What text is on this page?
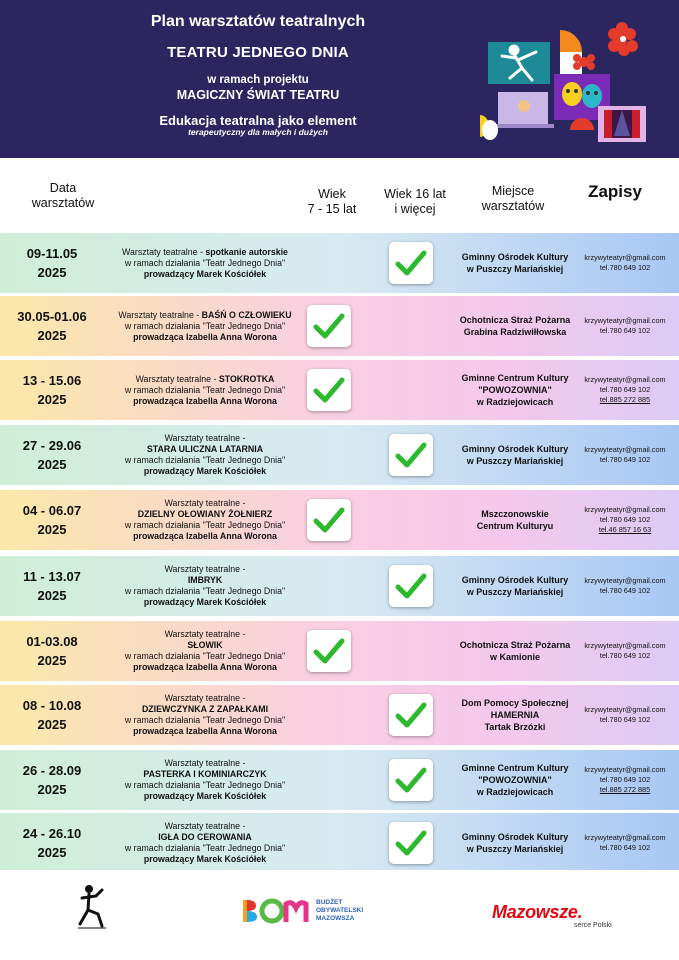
Plan warsztatów teatralnych
TEATRU JEDNEGO DNIA
w ramach projektu
MAGICZNY ŚWIAT TEATRU
Edukacja teatralna jako element
terapeutyczny dla małych i dużych
Data
warsztatów
Wiek
7 - 15 lat
Wiek 16 lat
i więcej
Miejsce
warsztatów
Zapisy
09-11.05
2025
Warsztaty teatralne - spotkanie autorskie
w ramach działania "Teatr Jednego Dnia"
prowadzący Marek Kościółek
Gminny Ośrodek Kultury
w Puszczy Mariańskiej
krzywyteatyr@gmail.com
tel.780 649 102
30.05-01.06
2025
Warsztaty teatralne - BAŚŃ O CZŁOWIEKU
w ramach działania "Teatr Jednego Dnia"
prowadząca Izabella Anna Worona
Ochotnicza Straż Pożarna
Grabina Radziwiłłowska
krzywyteatyr@gmail.com
tel.780 649 102
13 - 15.06
2025
Warsztaty teatralne - STOKROTKA
w ramach działania "Teatr Jednego Dnia"
prowadząca Izabella Anna Worona
Gminne Centrum Kultury
"POWOZOWNIA"
w Radziejowicach
krzywyteatyr@gmail.com
tel.780 649 102
tel.885 272 885
27 - 29.06
2025
Warsztaty teatralne -
STARA ULICZNA LATARNIA
w ramach działania "Teatr Jednego Dnia"
prowadzący Marek Kościółek
Gminny Ośrodek Kultury
w Puszczy Mariańskiej
krzywyteatyr@gmail.com
tel.780 649 102
04 - 06.07
2025
Warsztaty teatralne -
DZIELNY OŁOWIANY ŻOŁNIERZ
w ramach działania "Teatr Jednego Dnia"
prowadząca Izabella Anna Worona
Mszczonowskie
Centrum Kulturyu
krzywyteatyr@gmail.com
tel.780 649 102
tel.46 857 16 63
11 - 13.07
2025
Warsztaty teatralne -
IMBRYK
w ramach działania "Teatr Jednego Dnia"
prowadzący Marek Kościółek
Gminny Ośrodek Kultury
w Puszczy Mariańskiej
krzywyteatyr@gmail.com
tel.780 649 102
01-03.08
2025
Warsztaty teatralne -
SŁOWIK
w ramach działania "Teatr Jednego Dnia"
prowadząca Izabella Anna Worona
Ochotnicza Straż Pożarna
w Kamionie
krzywyteatyr@gmail.com
tel.780 649 102
08 - 10.08
2025
Warsztaty teatralne -
DZIEWCZYNKA Z ZAPAŁKAMI
w ramach działania "Teatr Jednego Dnia"
prowadząca Izabella Anna Worona
Dom Pomocy Społecznej
HAMERNIA
Tartak Brzózki
krzywyteatyr@gmail.com
tel.780 649 102
26 - 28.09
2025
Warsztaty teatralne -
PASTERKA I KOMINIARCZYK
w ramach działania "Teatr Jednego Dnia"
prowadzący Marek Kościółek
Gminne Centrum Kultury
"POWOZOWNIA"
w Radziejowicach
krzywyteatyr@gmail.com
tel.780 649 102
tel.885 272 885
24 - 26.10
2025
Warsztaty teatralne -
IGŁA DO CEROWANIA
w ramach działania "Teatr Jednego Dnia"
prowadzący Marek Kościółek
Gminny Ośrodek Kultury
w Puszczy Mariańskiej
krzywyteatyr@gmail.com
tel.780 649 102
BUDŻET
OBYWATELSKI
MAZOWSZA	Mazowsze.
serce Polski
